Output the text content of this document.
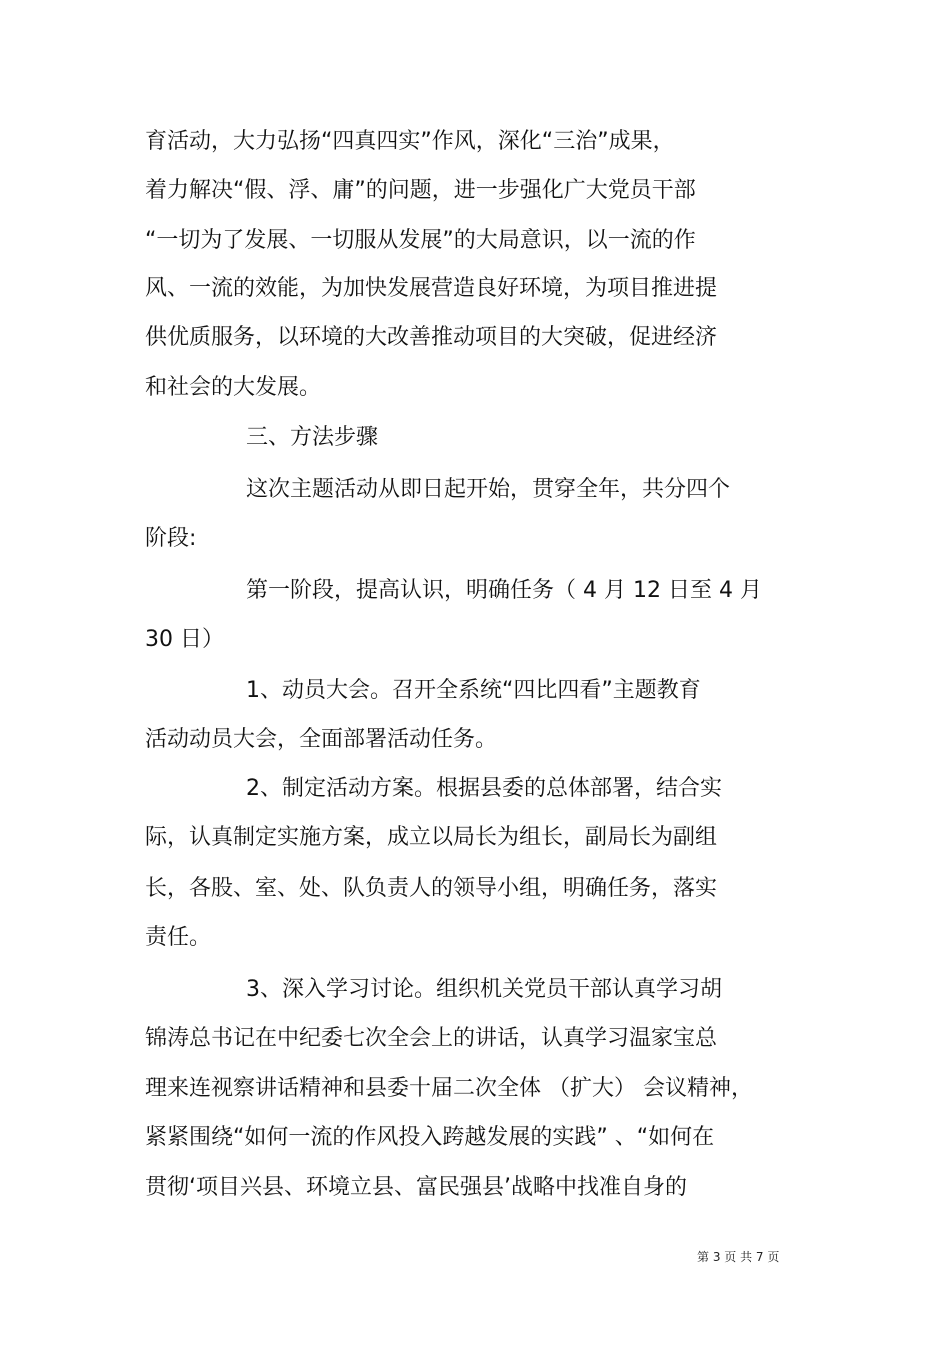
育活动，大力弘扬“四真四实”作风，深化“三治”成果，
着力解决“假、浮、庸”的问题，进一步强化广大党员干部
“一切为了发展、一切服从发展”的大局意识，以一流的作
风、一流的效能，为加快发展营造良好环境，为项目推进提
供优质服务，以环境的大改善推动项目的大突破，促进经济
和社会的大发展。
三、方法步骤
这次主题活动从即日起开始，贯穿全年，共分四个
阶段:
第一阶段，提高认识，明确任务（ 4 月 12 日至 4 月
30 日）
1、动员大会。召开全系统“四比四看”主题教育
活动动员大会，全面部署活动任务。
2、制定活动方案。根据县委的总体部署，结合实
际，认真制定实施方案，成立以局长为组长，副局长为副组
长，各股、室、处、队负责人的领导小组，明确任务，落实
责任。
3、深入学习讨论。组织机关党员干部认真学习胡
锦涛总书记在中纪委七次全会上的讲话，认真学习温家宝总
理来连视察讲话精神和县委十届二次全体 （扩大） 会议精神，
紧紧围绕“如何一流的作风投入跨越发展的实践” 、“如何在
贯彻‘项目兴县、环境立县、富民强县’战略中找准自身的
第 3 页 共 7 页
